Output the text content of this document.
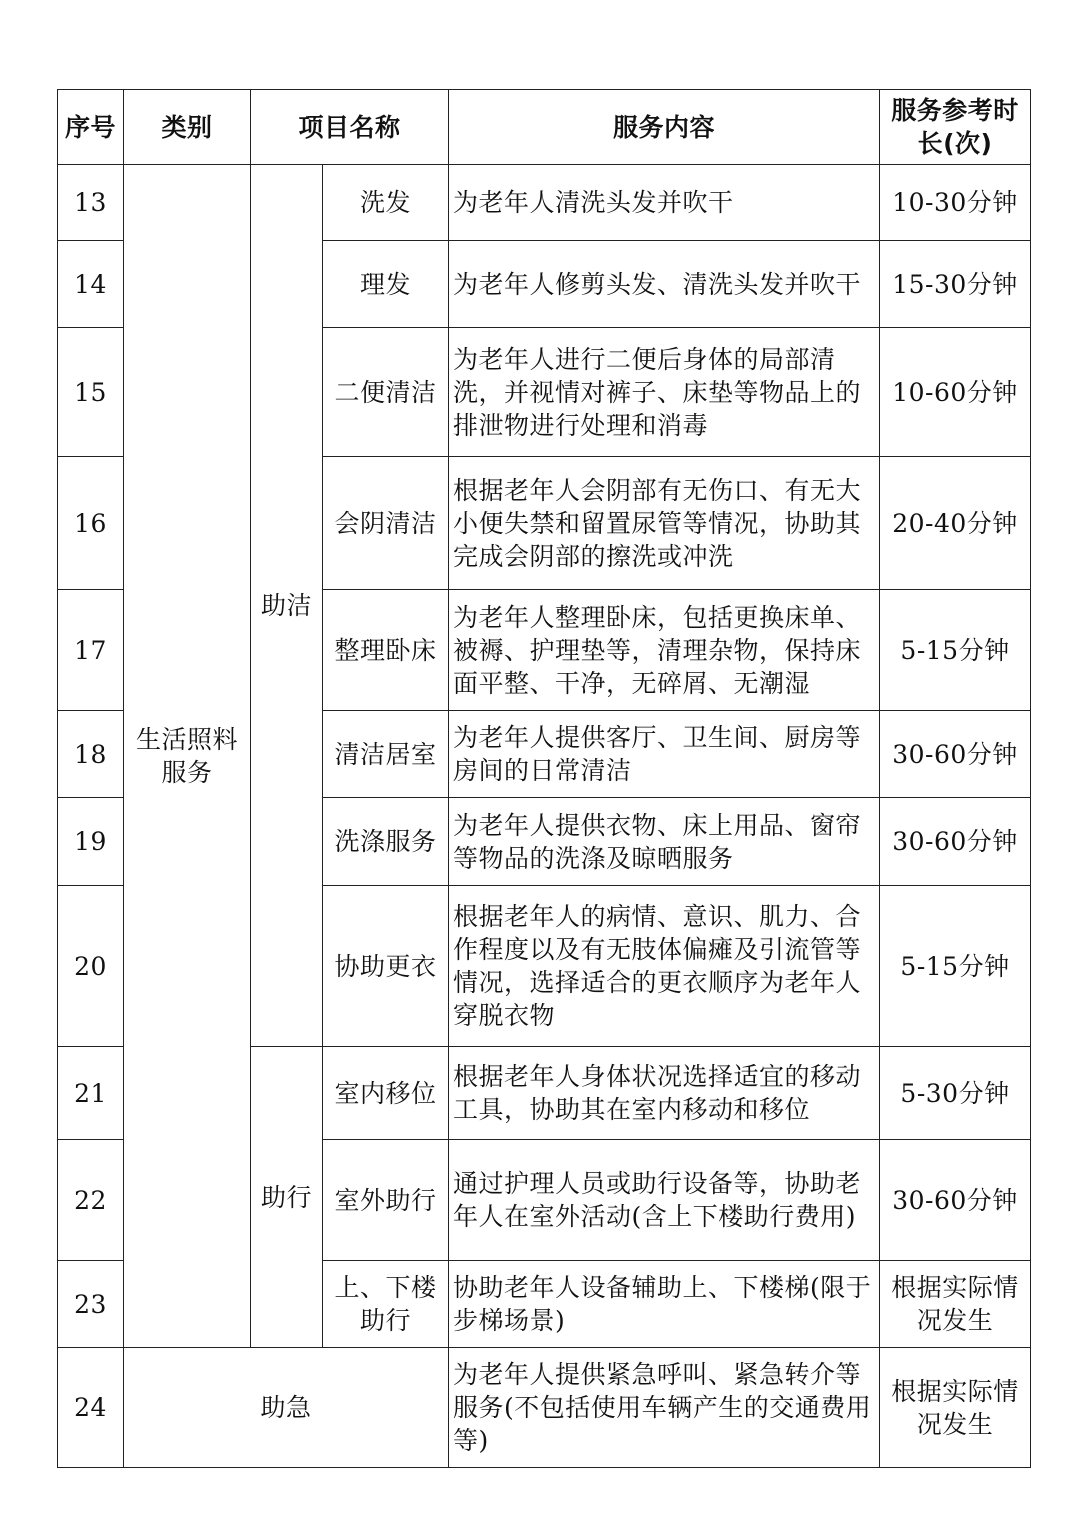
序号	类别	项目名称		服务内容	服务参考时长(次)
13	生活照料服务	助洁	洗发	为老年人清洗头发并吹干	10-30分钟
14			理发	为老年人修剪头发、清洗头发并吹干	15-30分钟
15			二便清洁	为老年人进行二便后身体的局部清洗，并视情对裤子、床垫等物品上的排泄物进行处理和消毒	10-60分钟
16			会阴清洁	根据老年人会阴部有无伤口、有无大小便失禁和留置尿管等情况，协助其完成会阴部的擦洗或冲洗	20-40分钟
17			整理卧床	为老年人整理卧床，包括更换床单、被褥、护理垫等，清理杂物，保持床面平整、干净，无碎屑、无潮湿	5-15分钟
18			清洁居室	为老年人提供客厅、卫生间、厨房等房间的日常清洁	30-60分钟
19			洗涤服务	为老年人提供衣物、床上用品、窗帘等物品的洗涤及晾晒服务	30-60分钟
20			协助更衣	根据老年人的病情、意识、肌力、合作程度以及有无肢体偏瘫及引流管等情况，选择适合的更衣顺序为老年人穿脱衣物	5-15分钟
21		助行	室内移位	根据老年人身体状况选择适宜的移动工具，协助其在室内移动和移位	5-30分钟
22			室外助行	通过护理人员或助行设备等，协助老年人在室外活动(含上下楼助行费用)	30-60分钟
23			上、下楼助行	协助老年人设备辅助上、下楼梯(限于步梯场景)	根据实际情况发生
24	助急			为老年人提供紧急呼叫、紧急转介等服务(不包括使用车辆产生的交通费用等)	根据实际情况发生
